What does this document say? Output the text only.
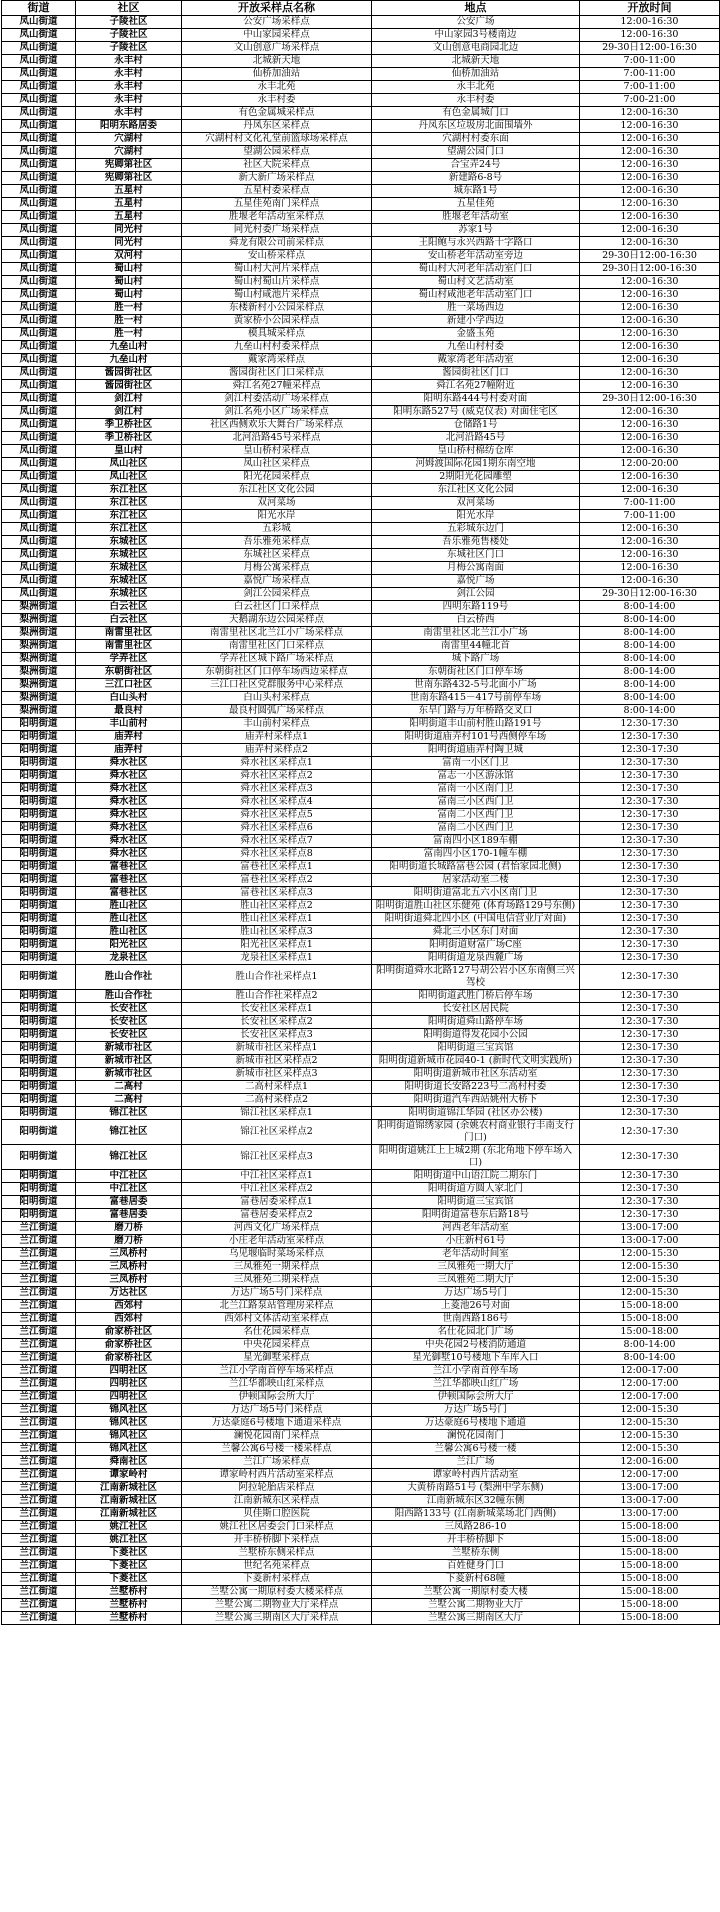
街道	社区	开放采样点名称	地点	开放时间
凤山街道	子陵社区	公安广场采样点	公安广场	12:00-16:30
凤山街道	子陵社区	中山家园采样点	中山家园3号楼南边	12:00-16:30
凤山街道	子陵社区	文山创意广场采样点	文山创意电商园北边	29-30日12:00-16:30
凤山街道	永丰村	北城新天地	北城新天地	7:00-11:00
凤山街道	永丰村	仙桥加油站	仙桥加油站	7:00-11:00
凤山街道	永丰村	永丰北苑	永丰北苑	7:00-11:00
凤山街道	永丰村	永丰村委	永丰村委	7:00-21:00
凤山街道	永丰村	有色金属城采样点	有色金属城门口	12:00-16:30
凤山街道	阳明东路居委	丹凤东区采样点	丹凤东区垃圾房北面围墙外	12:00-16:30
凤山街道	穴湖村	穴湖村村文化礼堂前篮球场采样点	穴湖村村委东面	12:00-16:30
凤山街道	穴湖村	望湖公园采样点	望湖公园门口	12:00-16:30
凤山街道	宪卿第社区	社区大院采样点	合宝弄24号	12:00-16:30
凤山街道	宪卿第社区	新大新广场采样点	新建路6-8号	12:00-16:30
凤山街道	五星村	五星村委采样点	城东路1号	12:00-16:30
凤山街道	五星村	五星佳苑南门采样点	五星佳苑	12:00-16:30
凤山街道	五星村	胜堰老年活动室采样点	胜堰老年活动室	12:00-16:30
凤山街道	同光村	同光村委广场采样点	苏家1号	12:00-16:30
凤山街道	同光村	舜龙有限公司前采样点	王阳鲍与永兴西路十字路口	12:00-16:30
凤山街道	双河村	安山桥采样点	安山桥老年活动室旁边	29-30日12:00-16:30
凤山街道	蜀山村	蜀山村大河片采样点	蜀山村大河老年活动室门口	29-30日12:00-16:30
凤山街道	蜀山村	蜀山村蜀山片采样点	蜀山村文艺活动室	12:00-16:30
凤山街道	蜀山村	蜀山村咸池片采样点	蜀山村咸池老年活动室门口	12:00-16:30
凤山街道	胜一村	东楼新村小公园采样点	胜一菜场西边	12:00-16:30
凤山街道	胜一村	黄家桥小公园采样点	新建小学西边	12:00-16:30
凤山街道	胜一村	模具城采样点	金盛玉苑	12:00-16:30
凤山街道	九垒山村	九垒山村村委采样点	九垒山村村委	12:00-16:30
凤山街道	九垒山村	戴家湾采样点	戴家湾老年活动室	12:00-16:30
凤山街道	酱园街社区	酱园街社区门口采样点	酱园街社区门口	12:00-16:30
凤山街道	酱园街社区	舜江名苑27幢采样点	舜江名苑27幢附近	12:00-16:30
凤山街道	剑江村	剑江村委活动广场采样点	阳明东路444号村委对面	29-30日12:00-16:30
凤山街道	剑江村	剑江名苑小区广场采样点	阳明东路527号 (威克仪表) 对面住宅区	12:00-16:30
凤山街道	季卫桥社区	社区西侧欢乐大舞台广场采样点	仓储路1号	12:00-16:30
凤山街道	季卫桥社区	北河沿路45号采样点	北河沿路45号	12:00-16:30
凤山街道	皇山村	皇山桥村采样点	皇山桥村棉纺仓库	12:00-16:30
凤山街道	凤山社区	凤山社区采样点	河姆渡国际花园1期东南空地	12:00-20:00
凤山街道	凤山社区	阳光花园采样点	2期阳光花园雕塑	12:00-16:30
凤山街道	东江社区	东江社区文化公园	东江社区文化公园	12:00-16:30
凤山街道	东江社区	双河菜场	双河菜场	7:00-11:00
凤山街道	东江社区	阳光水岸	阳光水岸	7:00-11:00
凤山街道	东江社区	五彩城	五彩城东边门	12:00-16:30
凤山街道	东城社区	吾乐雅苑采样点	吾乐雅苑售楼处	12:00-16:30
凤山街道	东城社区	东城社区采样点	东城社区门口	12:00-16:30
凤山街道	东城社区	月梅公寓采样点	月梅公寓南面	12:00-16:30
凤山街道	东城社区	嘉悦广场采样点	嘉悦广场	12:00-16:30
凤山街道	东城社区	剑江公园采样点	剑江公园	29-30日12:00-16:30
梨洲街道	白云社区	白云社区门口采样点	四明东路119号	8:00-14:00
梨洲街道	白云社区	天鹅湖东边公园采样点	白云桥西	8:00-14:00
梨洲街道	南雷里社区	南雷里社区北兰江小广场采样点	南雷里社区北兰江小广场	8:00-14:00
梨洲街道	南雷里社区	南雷里社区门口采样点	南雷里44幢北首	8:00-14:00
梨洲街道	学弄社区	学弄社区城下路广场采样点	城下路广场	8:00-14:00
梨洲街道	东朝街社区	东朝街社区门口停车场西边采样点	东朝街社区门口停车场	8:00-14:00
梨洲街道	三江口社区	三江口社区党群服务中心采样点	世南东路432-5号北面小广场	8:00-14:00
梨洲街道	白山头村	白山头村采样点	世南东路415－417号前停车场	8:00-14:00
梨洲街道	最良村	最良村圆弧广场采样点	东旱门路与万年桥路交叉口	8:00-14:00
阳明街道	丰山前村	丰山前村采样点	阳明街道丰山前村胜山路191号	12:30-17:30
阳明街道	庙弄村	庙弄村采样点1	阳明街道庙弄村101号西侧停车场	12:30-17:30
阳明街道	庙弄村	庙弄村采样点2	阳明街道庙弄村陶卫城	12:30-17:30
阳明街道	舜水社区	舜水社区采样点1	富南一小区门卫	12:30-17:30
阳明街道	舜水社区	舜水社区采样点2	富志一小区游泳馆	12:30-17:30
阳明街道	舜水社区	舜水社区采样点3	富南一小区南门卫	12:30-17:30
阳明街道	舜水社区	舜水社区采样点4	富南三小区西门卫	12:30-17:30
阳明街道	舜水社区	舜水社区采样点5	富南二小区西门卫	12:30-17:30
阳明街道	舜水社区	舜水社区采样点6	富南二小区西门卫	12:30-17:30
阳明街道	舜水社区	舜水社区采样点7	富南四小区189车棚	12:30-17:30
阳明街道	舜水社区	舜水社区采样点8	富南四小区170-1幢车棚	12:30-17:30
阳明街道	富巷社区	富巷社区采样点1	阳明街道长城路富巷公园 (君怡家园北侧)	12:30-17:30
阳明街道	富巷社区	富巷社区采样点2	居家活动室二楼	12:30-17:30
阳明街道	富巷社区	富巷社区采样点3	阳明街道富北五六小区南门卫	12:30-17:30
阳明街道	胜山社区	胜山社区采样点2	阳明街道胜山社区乐健苑 (体育场路129号东侧)	12:30-17:30
阳明街道	胜山社区	胜山社区采样点1	阳明街道舜北四小区 (中国电信营业厅对面)	12:30-17:30
阳明街道	胜山社区	胜山社区采样点3	舜北三小区东门对面	12:30-17:30
阳明街道	阳光社区	阳光社区采样点1	阳明街道财富广场C座	12:30-17:30
阳明街道	龙泉社区	龙泉社区采样点1	阳明街道龙泉西麓广场	12:30-17:30
阳明街道	胜山合作社	胜山合作社采样点1	阳明街道舜水北路127号胡公岩小区东南侧三兴驾校	12:30-17:30
阳明街道	胜山合作社	胜山合作社采样点2	阳明街道武胜门桥后停车场	12:30-17:30
阳明街道	长安社区	长安社区采样点1	长安社区居民院	12:30-17:30
阳明街道	长安社区	长安社区采样点2	阳明街道舜山路停车场	12:30-17:30
阳明街道	长安社区	长安社区采样点3	阳明街道得发花园小公园	12:30-17:30
阳明街道	新城市社区	新城市社区采样点1	阳明街道三宝宾馆	12:30-17:30
阳明街道	新城市社区	新城市社区采样点2	阳明街道新城市花园40-1 (新时代文明实践所)	12:30-17:30
阳明街道	新城市社区	新城市社区采样点3	阳明街道新城市社区东活动室	12:30-17:30
阳明街道	二高村	二高村采样点1	阳明街道长安路223号二高村村委	12:30-17:30
阳明街道	二高村	二高村采样点2	阳明街道汽车西站姚州大桥下	12:30-17:30
阳明街道	锦江社区	锦江社区采样点1	阳明街道锦江华园 (社区办公楼)	12:30-17:30
阳明街道	锦江社区	锦江社区采样点2	阳明街道锦绣家园 (余姚农村商业银行丰南支行门口)	12:30-17:30
阳明街道	锦江社区	锦江社区采样点3	阳明街道姚江上上城2期 (东北角地下停车场入口)	12:30-17:30
阳明街道	中江社区	中江社区采样点1	阳明街道中山语江院二期东门	12:30-17:30
阳明街道	中江社区	中江社区采样点2	阳明街道方圆人家北门	12:30-17:30
阳明街道	富巷居委	富巷居委采样点1	阳明街道三宝宾馆	12:30-17:30
阳明街道	富巷居委	富巷居委采样点2	阳明街道富巷东后路18号	12:30-17:30
兰江街道	磨刀桥	河西文化广场采样点	河西老年活动室	13:00-17:00
兰江街道	磨刀桥	小庄老年活动室采样点	小庄新村61号	13:00-17:00
兰江街道	三凤桥村	乌见堰临时菜场采样点	老年活动时间室	12:00-15:30
兰江街道	三凤桥村	三凤雅苑一期采样点	三凤雅苑一期大厅	12:00-15:30
兰江街道	三凤桥村	三凤雅苑二期采样点	三凤雅苑二期大厅	12:00-15:30
兰江街道	万达社区	万达广场5号门采样点	万达广场5号门	12:00-15:30
兰江街道	西郊村	北兰江路泵站管理房采样点	上菱池26号对面	15:00-18:00
兰江街道	西郊村	西郊村文体活动室采样点	世南西路186号	15:00-18:00
兰江街道	俞家桥社区	名仕花园采样点	名仕花园北门广场	15:00-18:00
兰江街道	俞家桥社区	中央花园采样点	中央花园2号楼消防通道	8:00-14:00
兰江街道	俞家桥社区	星光御墅采样点	星光御墅10号楼地下车库入口	8:00-14:00
兰江街道	四明社区	兰江小学南首停车场采样点	兰江小学南首停车场	12:00-17:00
兰江街道	四明社区	兰江华都映山红采样点	兰江华都映山红广场	12:00-17:00
兰江街道	四明社区	伊顿国际会所大厅	伊顿国际会所大厅	12:00-17:00
兰江街道	锦风社区	万达广场5号门采样点	万达广场5号门	12:00-15:30
兰江街道	锦风社区	万达豪庭6号楼地下通道采样点	万达豪庭6号楼地下通道	12:00-15:30
兰江街道	锦风社区	澜悦花园南门采样点	澜悦花园南门	12:00-15:30
兰江街道	锦风社区	兰馨公寓6号楼一楼采样点	兰馨公寓6号楼一楼	12:00-15:30
兰江街道	舜南社区	兰江广场采样点	兰江广场	12:00-16:00
兰江街道	谭家岭村	谭家岭村西片活动室采样点	谭家岭村西片活动室	12:00-17:00
兰江街道	江南新城社区	阿拉轮胎店采样点	大黄桥南路51号 (梨洲中学东侧)	13:00-17:00
兰江街道	江南新城社区	江南新城东区采样点	江南新城东区32幢东侧	13:00-17:00
兰江街道	江南新城社区	贝佳斯口腔医院	阳西路133号 (江南新城菜场北门西侧)	13:00-17:00
兰江街道	姚江社区	姚江社区居委会门口采样点	三凤路286-10	15:00-18:00
兰江街道	姚江社区	开丰桥桥脚下采样点	开丰桥桥脚下	15:00-18:00
兰江街道	下菱社区	兰墅桥东侧采样点	兰墅桥东侧	15:00-18:00
兰江街道	下菱社区	世纪名苑采样点	百姓健身门口	15:00-18:00
兰江街道	下菱社区	下菱新村采样点	下菱新村68幢	15:00-18:00
兰江街道	兰墅桥村	兰墅公寓一期原村委大楼采样点	兰墅公寓一期原村委大楼	15:00-18:00
兰江街道	兰墅桥村	兰墅公寓二期物业大厅采样点	兰墅公寓二期物业大厅	15:00-18:00
兰江街道	兰墅桥村	兰墅公寓三期南区大厅采样点	兰墅公寓三期南区大厅	15:00-18:00
